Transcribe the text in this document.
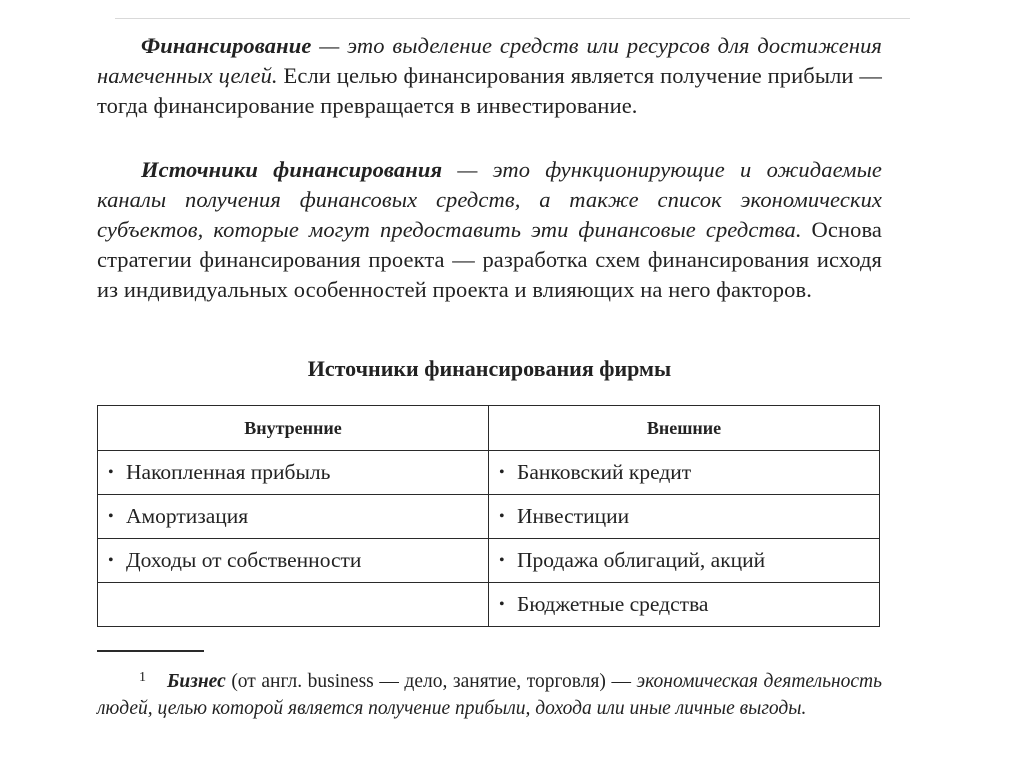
Финансирование — это выделение средств или ресурсов для достижения намеченных целей. Если целью финансирования является получение прибыли — тогда финансирование превращается в инвестирование.

Источники финансирования — это функционирующие и ожидаемые каналы получения финансовых средств, а также список экономических субъектов, которые могут предоставить эти финансовые средства. Основа стратегии финансирования проекта — разработка схем финансирования исходя из индивидуальных особенностей проекта и влияющих на него факторов.

Источники финансирования фирмы

Внутренние	Внешние
• Накопленная прибыль	• Банковский кредит
• Амортизация	• Инвестиции
• Доходы от собственности	• Продажа облигаций, акций
	• Бюджетные средства

1 Бизнес (от англ. business — дело, занятие, торговля) — экономическая деятельность людей, целью которой является получение прибыли, дохода или иные личные выгоды.
